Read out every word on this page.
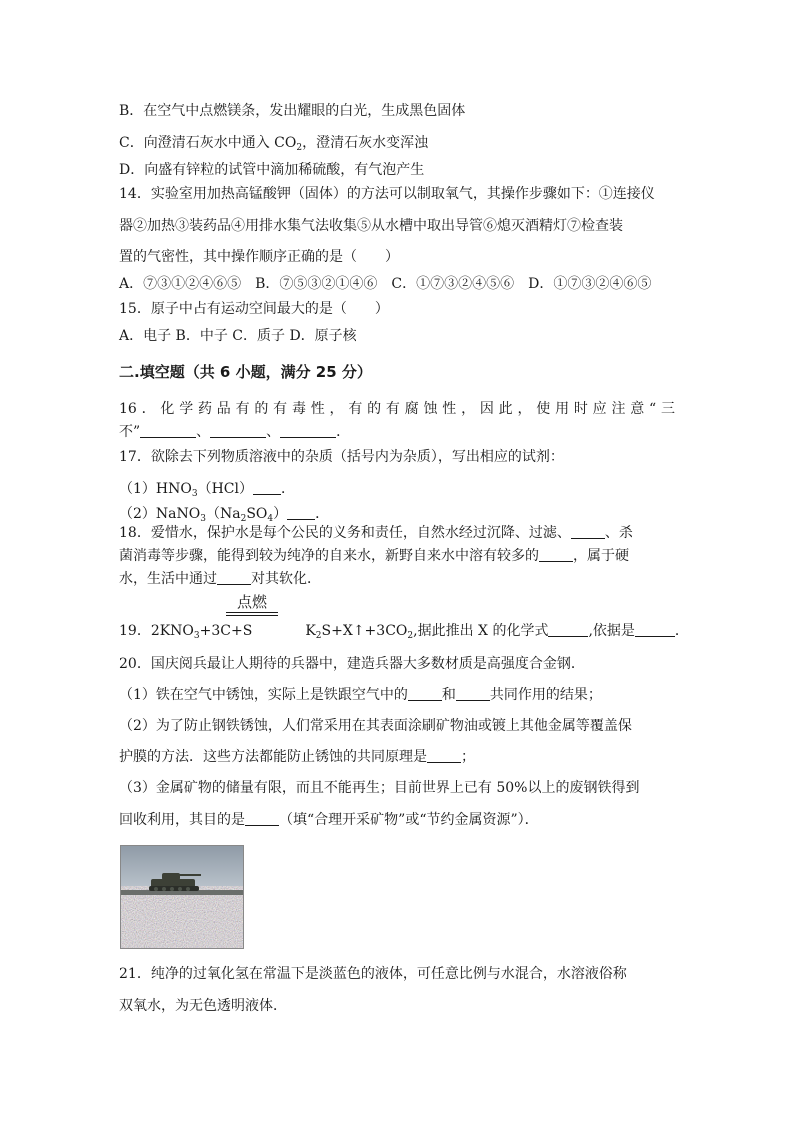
B．在空气中点燃镁条，发出耀眼的白光，生成黑色固体
C．向澄清石灰水中通入 $CO_2$，澄清石灰水变浑浊
D．向盛有锌粒的试管中滴加稀硫酸，有气泡产生
14．实验室用加热高锰酸钾（固体）的方法可以制取氧气，其操作步骤如下：①连接仪
器②加热③装药品④用排水集气法收集⑤从水槽中取出导管⑥熄灭酒精灯⑦检查装
置的气密性，其中操作顺序正确的是（　　）
A．⑦③①②④⑥⑤　B．⑦⑤③②①④⑥　C．①⑦③②④⑤⑥　D．①⑦③②④⑥⑤
15．原子中占有运动空间最大的是（　　）
A．电子 B．中子 C．质子 D．原子核
二.填空题（共 6 小题，满分 25 分）
16．化学药品有的有毒性，有的有腐蚀性，因此，使用时应注意“三
不”	、	、	．
17．欲除去下列物质溶液中的杂质（括号内为杂质），写出相应的试剂：
$(1)HNO_3(HCl)$ ．
$(2)NaNO_3(Na_2SO_4)$ ．
18．爱惜水，保护水是每个公民的义务和责任，自然水经过沉降、过滤、 、杀
菌消毒等步骤，能得到较为纯净的自来水，新野自来水中溶有较多的 ，属于硬
水，生活中通过 对其软化．
点燃
19．$2KNO_3+3C+S$	$K_2S+X↑+3CO_2$,据此推出 X 的化学式	,依据是	．
20．国庆阅兵最让人期待的兵器中，建造兵器大多数材质是高强度合金钢．
（1）铁在空气中锈蚀，实际上是铁跟空气中的 和 共同作用的结果；
（2）为了防止钢铁锈蚀，人们常采用在其表面涂刷矿物油或镀上其他金属等覆盖保
护膜的方法．这些方法都能防止锈蚀的共同原理是 ；
（3）金属矿物的储量有限，而且不能再生；目前世界上已有 50%以上的废钢铁得到
回收利用，其目的是 （填“合理开采矿物”或“节约金属资源”）．
21．纯净的过氧化氢在常温下是淡蓝色的液体，可任意比例与水混合，水溶液俗称
双氧水，为无色透明液体．
